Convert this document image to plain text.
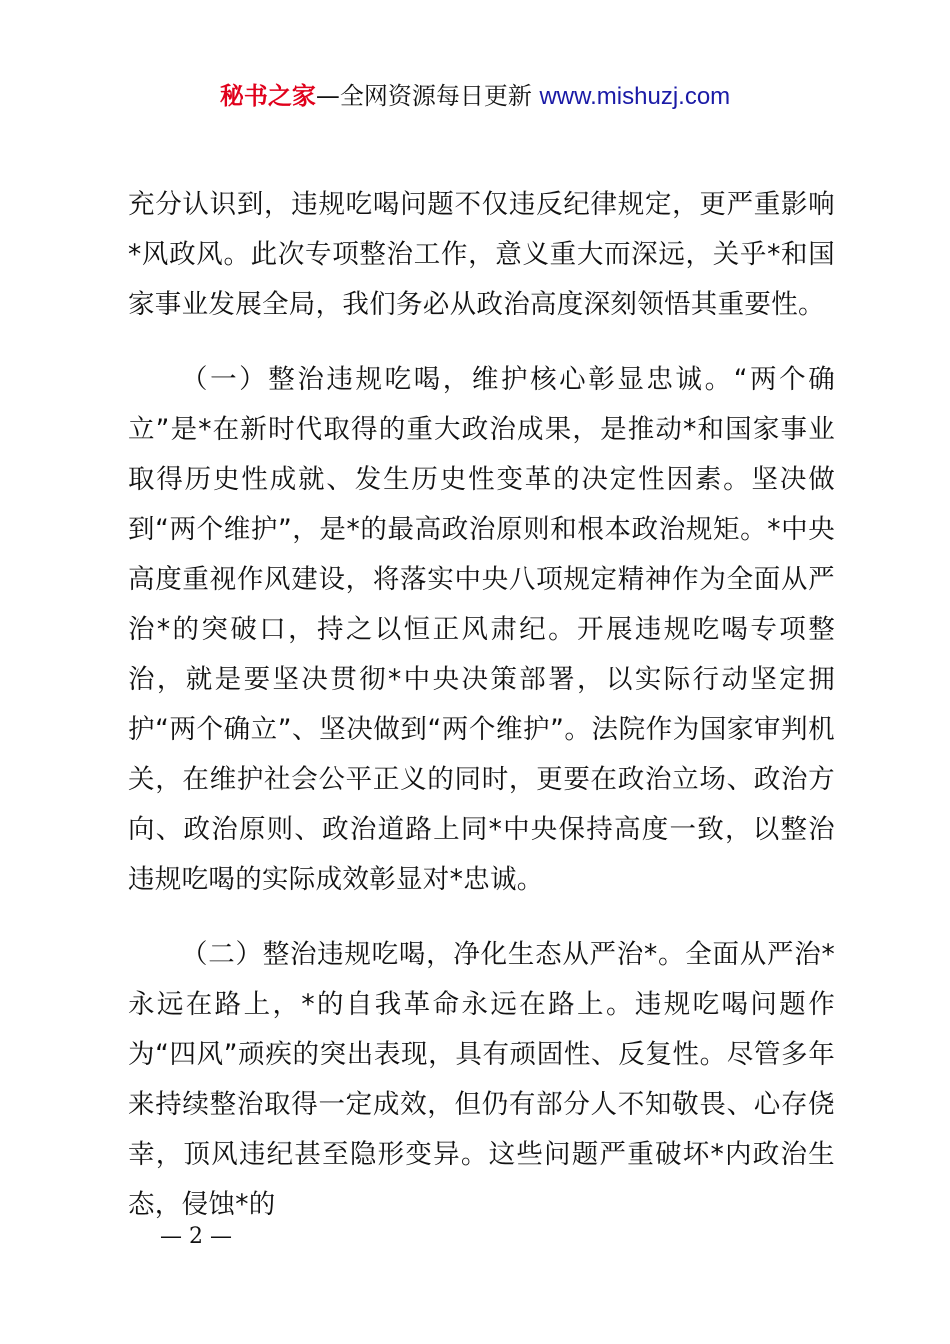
秘书之家—全网资源每日更新 www.mishuzj.com

充分认识到，违规吃喝问题不仅违反纪律规定，更严重影响*风政风。此次专项整治工作，意义重大而深远，关乎*和国家事业发展全局，我们务必从政治高度深刻领悟其重要性。

（一）整治违规吃喝，维护核心彰显忠诚。“两个确立”是*在新时代取得的重大政治成果，是推动*和国家事业取得历史性成就、发生历史性变革的决定性因素。坚决做到“两个维护”，是*的最高政治原则和根本政治规矩。*中央高度重视作风建设，将落实中央八项规定精神作为全面从严治*的突破口，持之以恒正风肃纪。开展违规吃喝专项整治，就是要坚决贯彻*中央决策部署，以实际行动坚定拥护“两个确立”、坚决做到“两个维护”。法院作为国家审判机关，在维护社会公平正义的同时，更要在政治立场、政治方向、政治原则、政治道路上同*中央保持高度一致，以整治违规吃喝的实际成效彰显对*忠诚。

（二）整治违规吃喝，净化生态从严治*。全面从严治*永远在路上，*的自我革命永远在路上。违规吃喝问题作为“四风”顽疾的突出表现，具有顽固性、反复性。尽管多年来持续整治取得一定成效，但仍有部分人不知敬畏、心存侥幸，顶风违纪甚至隐形变异。这些问题严重破坏*内政治生态，侵蚀*的

— 2 —
